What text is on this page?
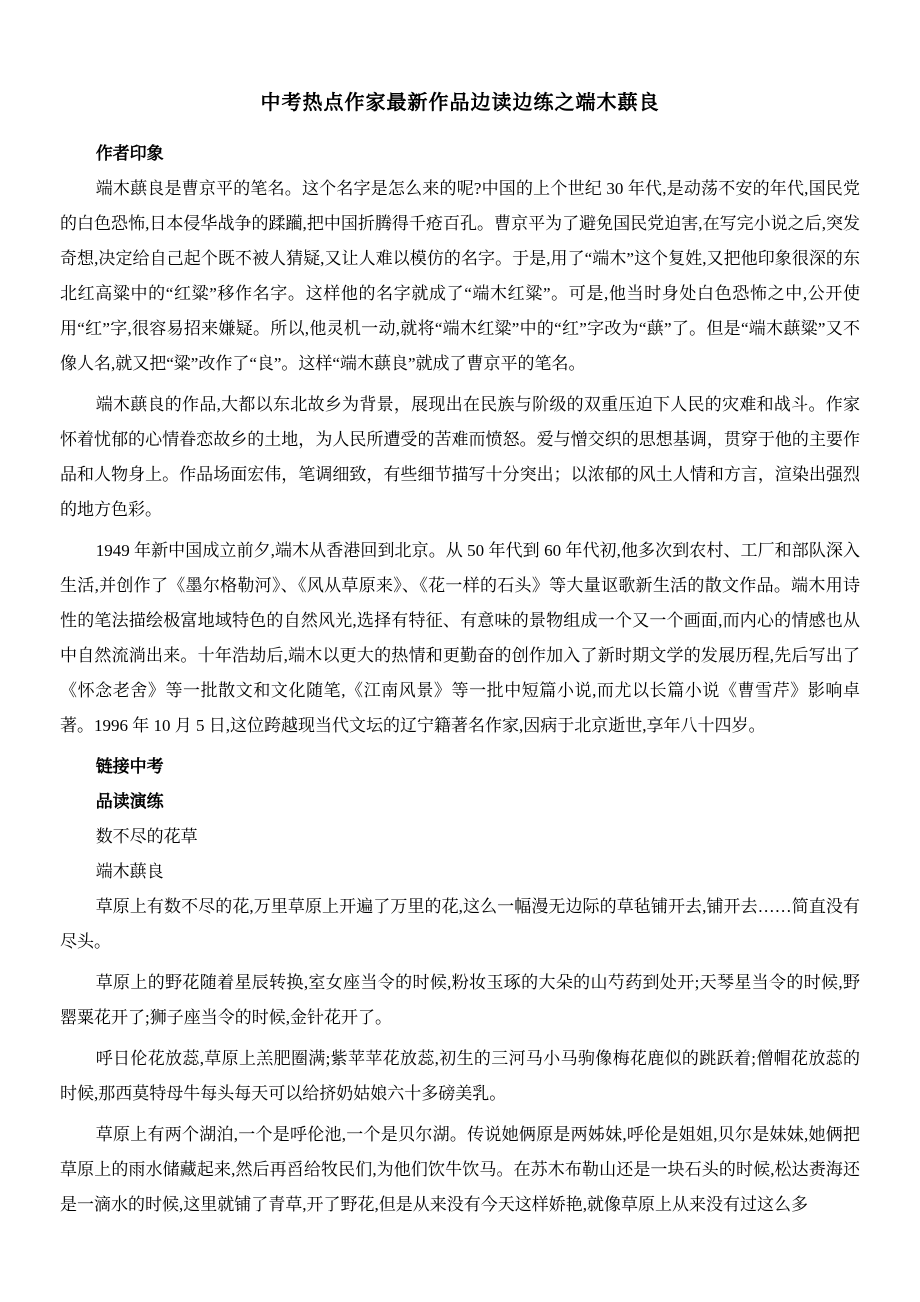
中考热点作家最新作品边读边练之端木蕻良
作者印象

端木蕻良是曹京平的笔名。这个名字是怎么来的呢?中国的上个世纪 30 年代,是动荡不安的年代,国民党的白色恐怖,日本侵华战争的蹂躏,把中国折腾得千疮百孔。曹京平为了避免国民党迫害,在写完小说之后,突发奇想,决定给自己起个既不被人猜疑,又让人难以模仿的名字。于是,用了“端木”这个复姓,又把他印象很深的东北红高粱中的“红粱”移作名字。这样他的名字就成了“端木红粱”。可是,他当时身处白色恐怖之中,公开使用“红”字,很容易招来嫌疑。所以,他灵机一动,就将“端木红粱”中的“红”字改为“蕻”了。但是“端木蕻粱”又不像人名,就又把“粱”改作了“良”。这样“端木蕻良”就成了曹京平的笔名。

端木蕻良的作品,大都以东北故乡为背景，展现出在民族与阶级的双重压迫下人民的灾难和战斗。作家怀着忧郁的心情眷恋故乡的土地，为人民所遭受的苦难而愤怒。爱与憎交织的思想基调，贯穿于他的主要作品和人物身上。作品场面宏伟，笔调细致，有些细节描写十分突出；以浓郁的风土人情和方言，渲染出强烈的地方色彩。

1949 年新中国成立前夕,端木从香港回到北京。从 50 年代到 60 年代初,他多次到农村、工厂和部队深入生活,并创作了《墨尔格勒河》、《风从草原来》、《花一样的石头》等大量讴歌新生活的散文作品。端木用诗性的笔法描绘极富地域特色的自然风光,选择有特征、有意味的景物组成一个又一个画面,而内心的情感也从中自然流淌出来。十年浩劫后,端木以更大的热情和更勤奋的创作加入了新时期文学的发展历程,先后写出了《怀念老舍》等一批散文和文化随笔,《江南风景》等一批中短篇小说,而尤以长篇小说《曹雪芹》影响卓著。1996 年 10 月 5 日,这位跨越现当代文坛的辽宁籍著名作家,因病于北京逝世,享年八十四岁。

链接中考
品读演练

数不尽的花草

端木蕻良

草原上有数不尽的花,万里草原上开遍了万里的花,这么一幅漫无边际的草毡铺开去,铺开去……简直没有尽头。

草原上的野花随着星辰转换,室女座当令的时候,粉妆玉琢的大朵的山芍药到处开;天琴星当令的时候,野罂粟花开了;狮子座当令的时候,金针花开了。

呼日伦花放蕊,草原上羔肥圈满;紫苹苹花放蕊,初生的三河马小马驹像梅花鹿似的跳跃着;僧帽花放蕊的时候,那西莫特母牛每头每天可以给挤奶姑娘六十多磅美乳。

草原上有两个湖泊,一个是呼伦池,一个是贝尔湖。传说她俩原是两姊妹,呼伦是姐姐,贝尔是妹妹,她俩把草原上的雨水储藏起来,然后再舀给牧民们,为他们饮牛饮马。在苏木布勒山还是一块石头的时候,松达赉海还是一滴水的时候,这里就铺了青草,开了野花,但是从来没有今天这样娇艳,就像草原上从来没有过这么多
